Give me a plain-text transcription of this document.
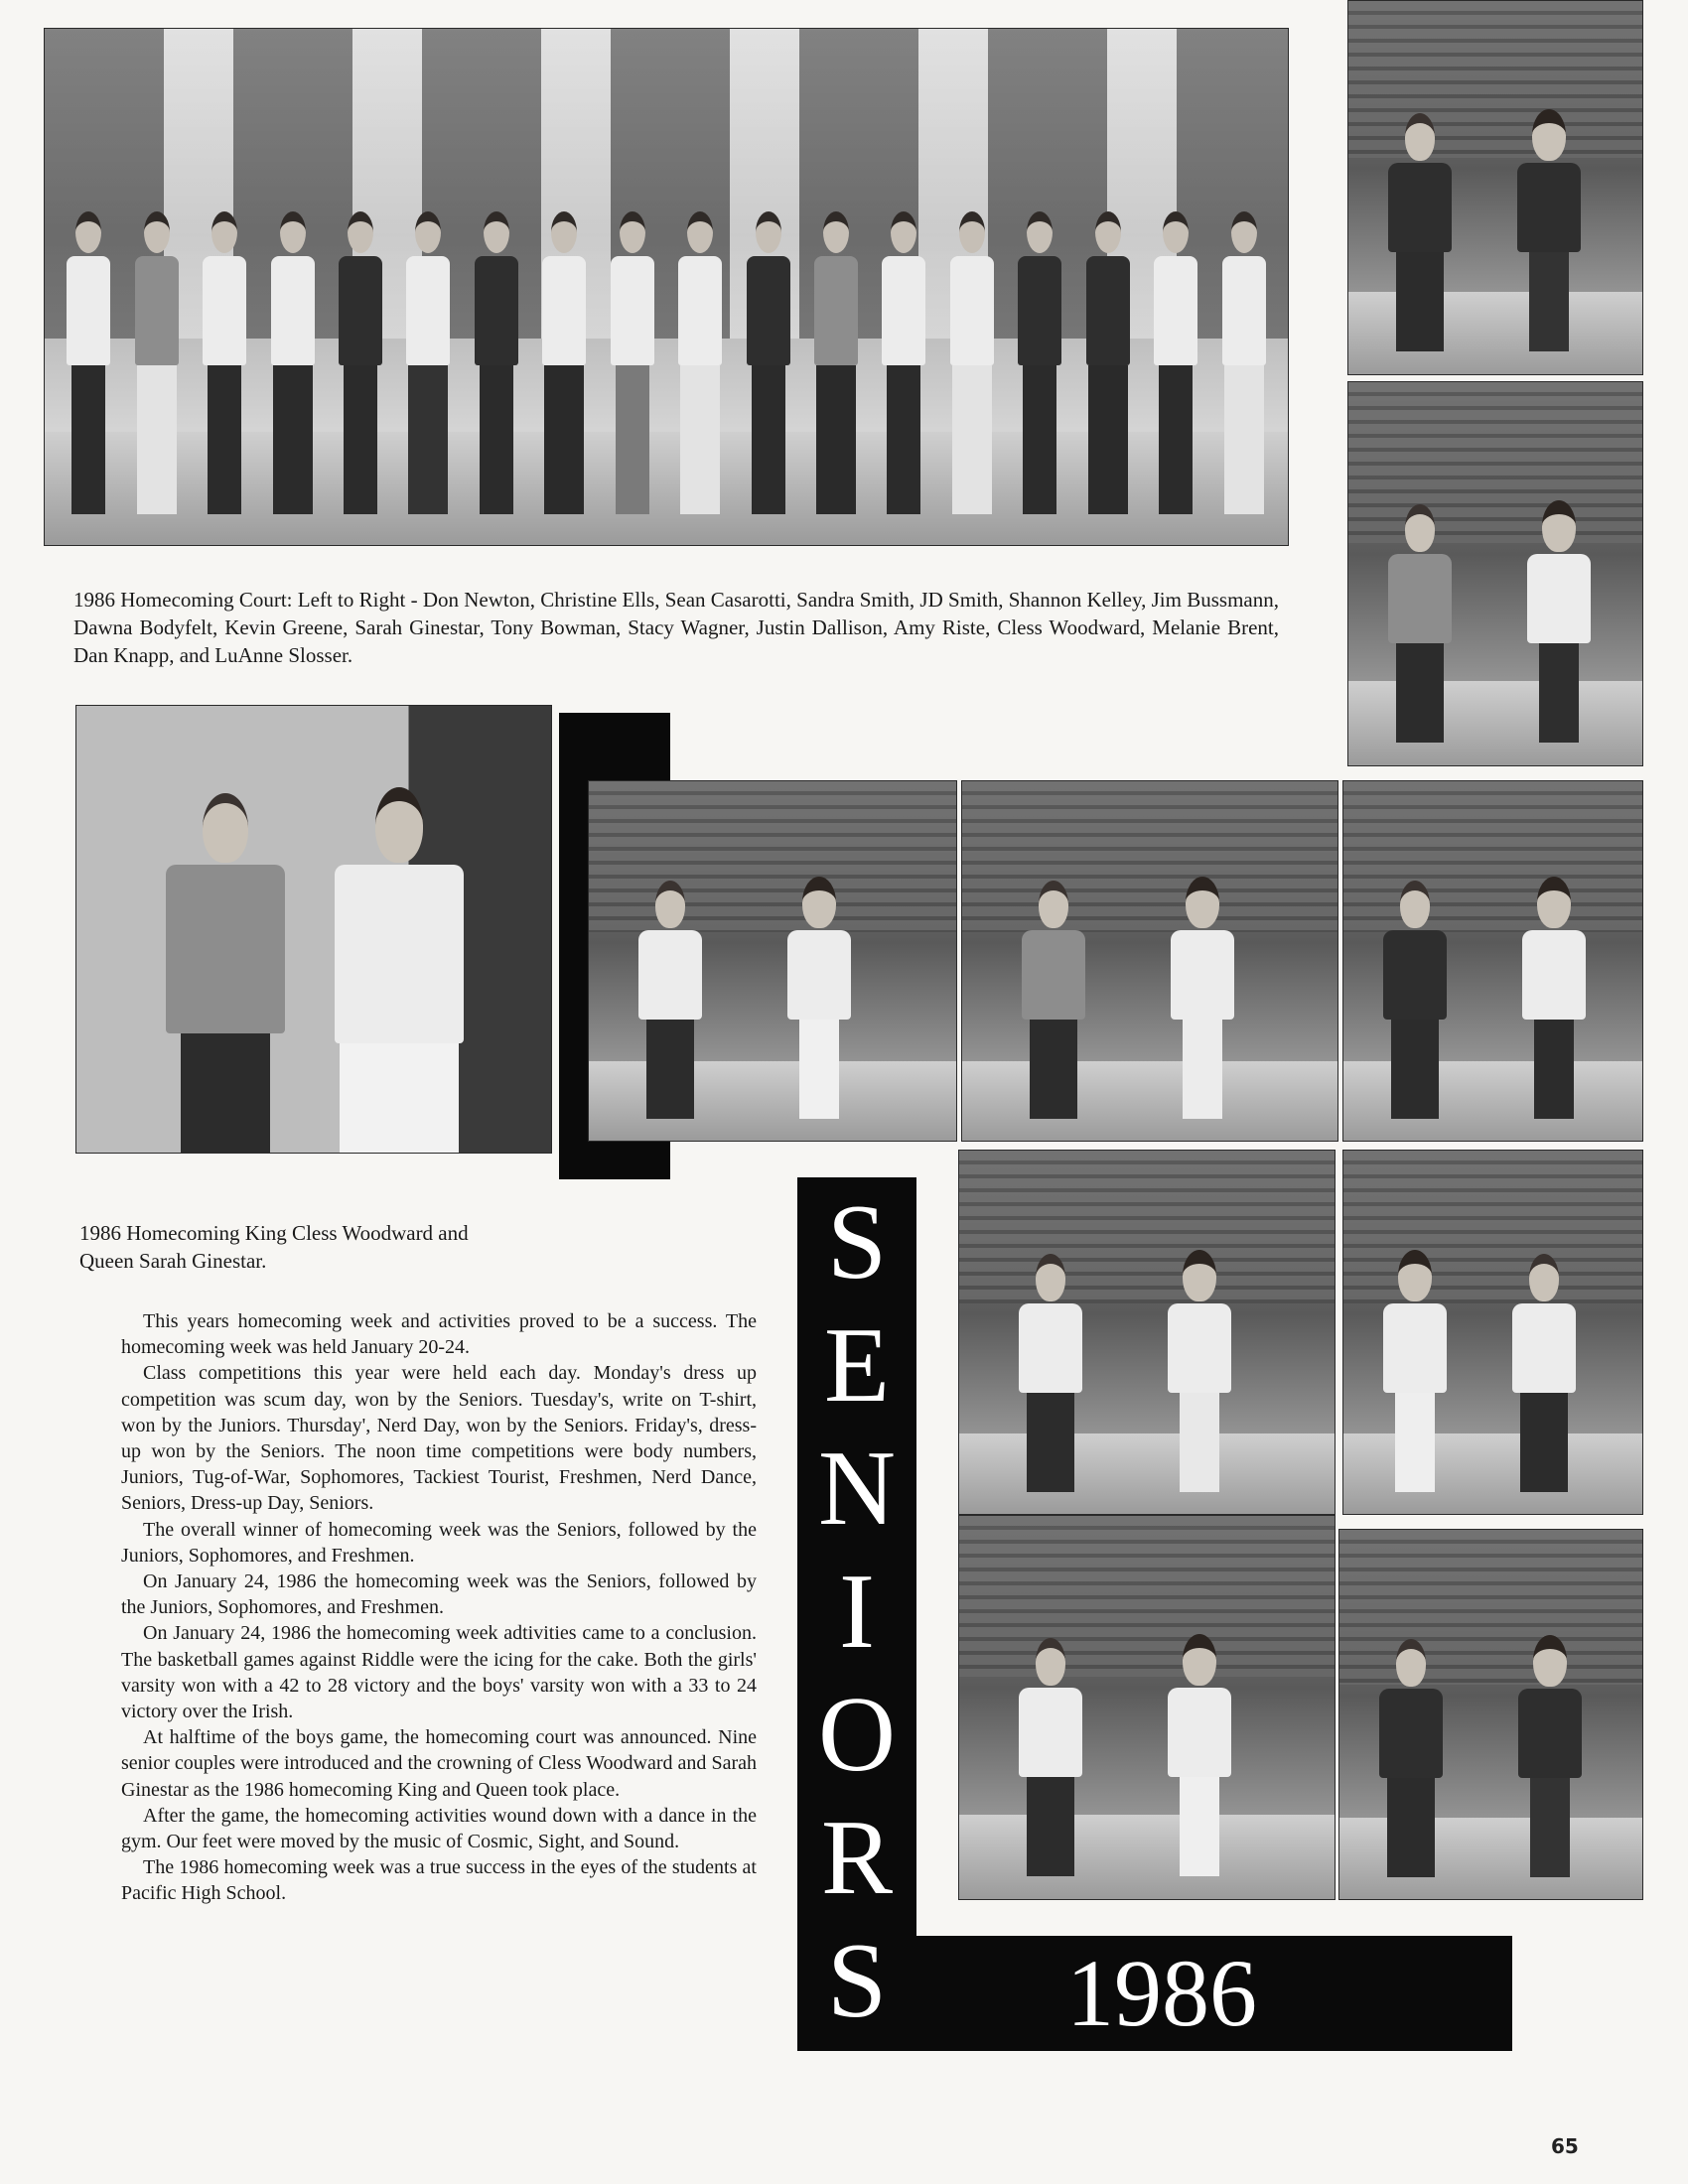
1986 Homecoming Court: Left to Right - Don Newton, Christine Ells, Sean Casarotti, Sandra Smith, JD Smith, Shannon Kelley, Jim Bussmann, Dawna Bodyfelt, Kevin Greene, Sarah Ginestar, Tony Bowman, Stacy Wagner, Justin Dallison, Amy Riste, Cless Woodward, Melanie Brent, Dan Knapp, and LuAnne Slosser.
1986 Homecoming King Cless Woodward and Queen Sarah Ginestar.	S
E
N
I
O
R
S 1986

This years homecoming week and activities proved to be a success. The homecoming week was held January 20-24.

Class competitions this year were held each day. Monday's dress up competition was scum day, won by the Seniors. Tuesday's, write on T-shirt, won by the Juniors. Thursday', Nerd Day, won by the Seniors. Friday's, dress-up won by the Seniors. The noon time competitions were body numbers, Juniors, Tug-of-War, Sophomores, Tackiest Tourist, Freshmen, Nerd Dance, Seniors, Dress-up Day, Seniors.

The overall winner of homecoming week was the Seniors, followed by the Juniors, Sophomores, and Freshmen.

On January 24, 1986 the homecoming week was the Seniors, followed by the Juniors, Sophomores, and Freshmen.

On January 24, 1986 the homecoming week adtivities came to a conclusion. The basketball games against Riddle were the icing for the cake. Both the girls' varsity won with a 42 to 28 victory and the boys' varsity won with a 33 to 24 victory over the Irish.

At halftime of the boys game, the homecoming court was announced. Nine senior couples were introduced and the crowning of Cless Woodward and Sarah Ginestar as the 1986 homecoming King and Queen took place.

After the game, the homecoming activities wound down with a dance in the gym. Our feet were moved by the music of Cosmic, Sight, and Sound.

The 1986 homecoming week was a true success in the eyes of the students at Pacific High School.

65
